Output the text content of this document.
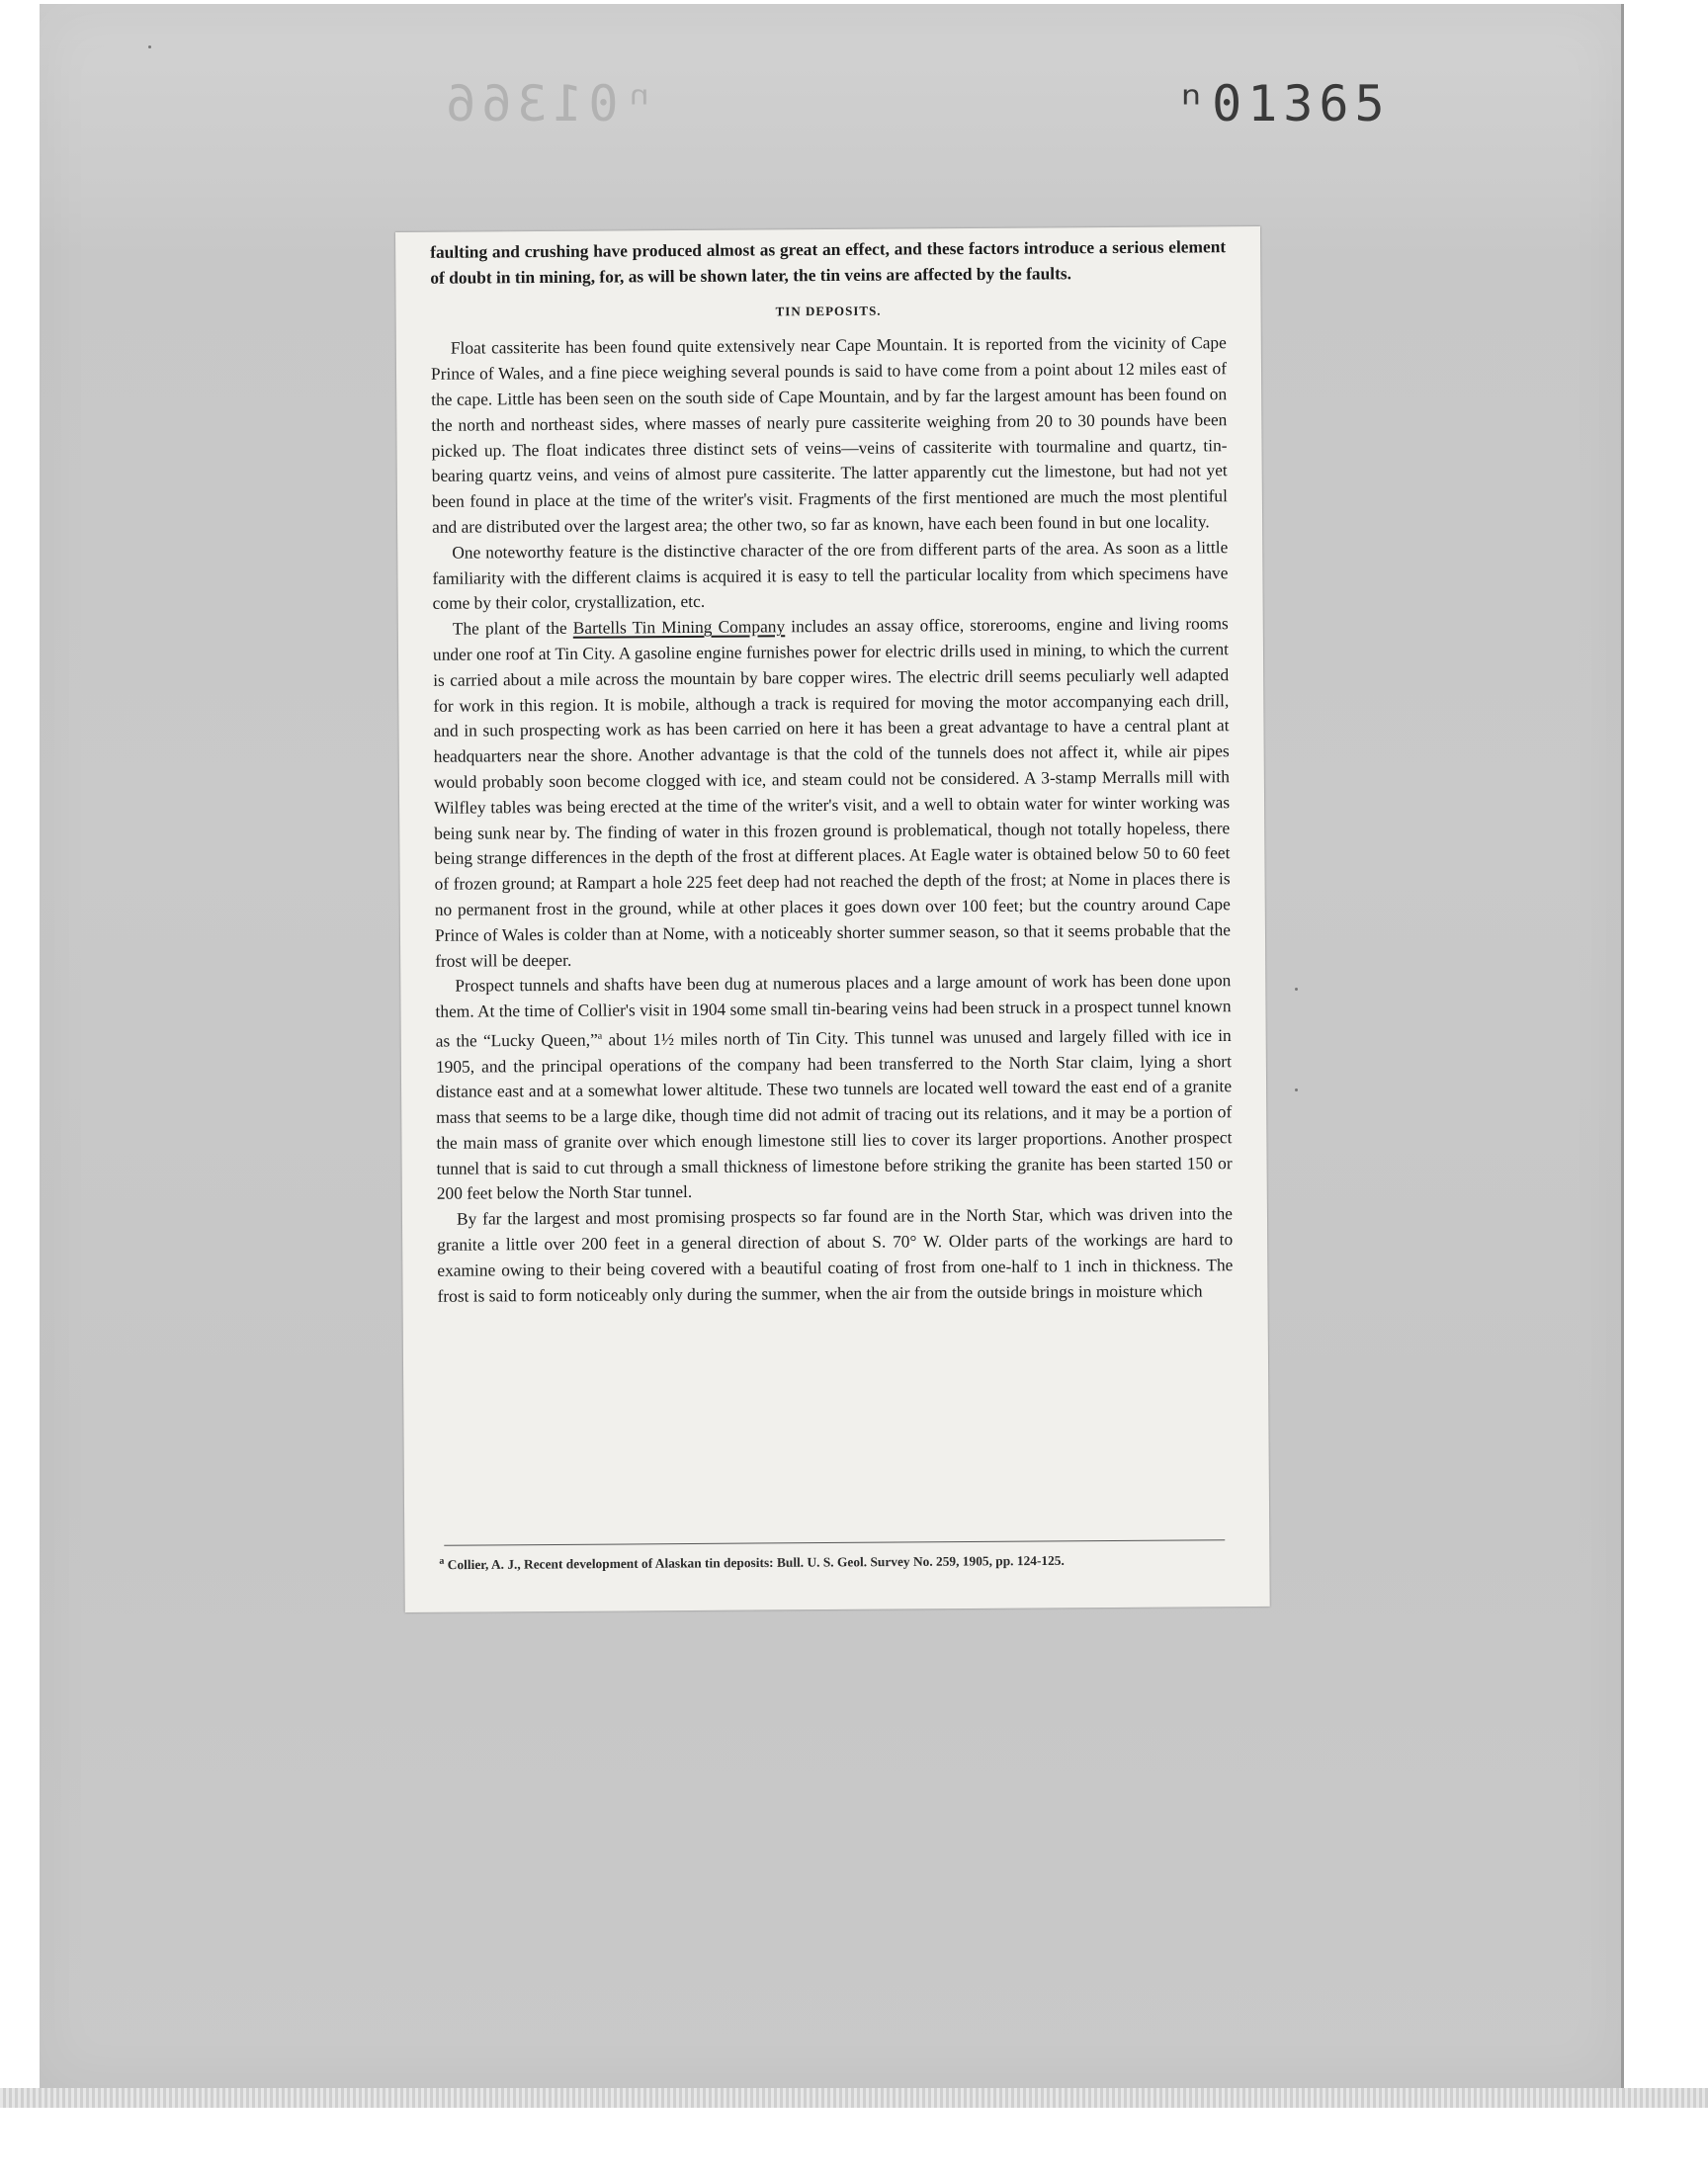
ⁿ01366	ⁿ01365

faulting and crushing have produced almost as great an effect, and these factors introduce a serious element of doubt in tin mining, for, as will be shown later, the tin veins are affected by the faults.

TIN DEPOSITS.

Float cassiterite has been found quite extensively near Cape Mountain. It is reported from the vicinity of Cape Prince of Wales, and a fine piece weighing several pounds is said to have come from a point about 12 miles east of the cape. Little has been seen on the south side of Cape Mountain, and by far the largest amount has been found on the north and northeast sides, where masses of nearly pure cassiterite weighing from 20 to 30 pounds have been picked up. The float indicates three distinct sets of veins—veins of cassiterite with tourmaline and quartz, tin-bearing quartz veins, and veins of almost pure cassiterite. The latter apparently cut the limestone, but had not yet been found in place at the time of the writer's visit. Fragments of the first mentioned are much the most plentiful and are distributed over the largest area; the other two, so far as known, have each been found in but one locality.

One noteworthy feature is the distinctive character of the ore from different parts of the area. As soon as a little familiarity with the different claims is acquired it is easy to tell the particular locality from which specimens have come by their color, crystallization, etc.

The plant of the Bartells Tin Mining Company includes an assay office, storerooms, engine and living rooms under one roof at Tin City. A gasoline engine furnishes power for electric drills used in mining, to which the current is carried about a mile across the mountain by bare copper wires. The electric drill seems peculiarly well adapted for work in this region. It is mobile, although a track is required for moving the motor accompanying each drill, and in such prospecting work as has been carried on here it has been a great advantage to have a central plant at headquarters near the shore. Another advantage is that the cold of the tunnels does not affect it, while air pipes would probably soon become clogged with ice, and steam could not be considered. A 3-stamp Merralls mill with Wilfley tables was being erected at the time of the writer's visit, and a well to obtain water for winter working was being sunk near by. The finding of water in this frozen ground is problematical, though not totally hopeless, there being strange differences in the depth of the frost at different places. At Eagle water is obtained below 50 to 60 feet of frozen ground; at Rampart a hole 225 feet deep had not reached the depth of the frost; at Nome in places there is no permanent frost in the ground, while at other places it goes down over 100 feet; but the country around Cape Prince of Wales is colder than at Nome, with a noticeably shorter summer season, so that it seems probable that the frost will be deeper.

Prospect tunnels and shafts have been dug at numerous places and a large amount of work has been done upon them. At the time of Collier's visit in 1904 some small tin-bearing veins had been struck in a prospect tunnel known as the “Lucky Queen,”$^a$ about 1½ miles north of Tin City. This tunnel was unused and largely filled with ice in 1905, and the principal operations of the company had been transferred to the North Star claim, lying a short distance east and at a somewhat lower altitude. These two tunnels are located well toward the east end of a granite mass that seems to be a large dike, though time did not admit of tracing out its relations, and it may be a portion of the main mass of granite over which enough limestone still lies to cover its larger proportions. Another prospect tunnel that is said to cut through a small thickness of limestone before striking the granite has been started 150 or 200 feet below the North Star tunnel.

By far the largest and most promising prospects so far found are in the North Star, which was driven into the granite a little over 200 feet in a general direction of about S. 70° W. Older parts of the workings are hard to examine owing to their being covered with a beautiful coating of frost from one-half to 1 inch in thickness. The frost is said to form noticeably only during the summer, when the air from the outside brings in moisture which

$^a$ Collier, A. J., Recent development of Alaskan tin deposits: Bull. U. S. Geol. Survey No. 259, 1905, pp. 124-125.
